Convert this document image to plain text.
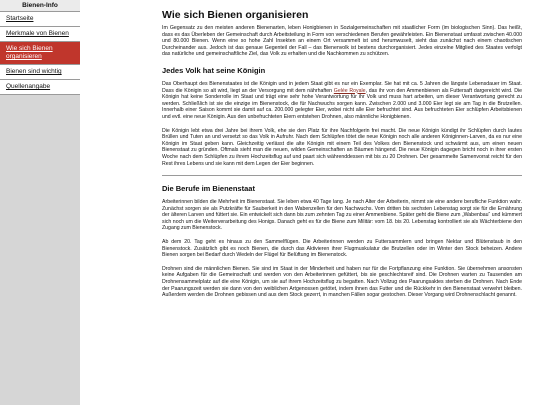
Bienen-Info
Startseite
Merkmale von Bienen
Wie sich Bienen organisieren
Bienen sind wichtig
Quellenangabe
Wie sich Bienen organisieren

Im Gegensatz zu den meisten anderen Bienenarten, leben Honigbienen in Sozialgemeinschaften mit staatlicher Form (im biologischen Sinn). Das heißt, dass es das Überleben der Gemeinschaft durch Arbeitsteilung in Form von verschiedenen Berufen gewährleisten. Ein Bienenstaat umfasst zwischen 40.000 und 80.000 Bienen. Wenn eine so hohe Zahl Insekten an einem Ort versammelt ist und herumwuselt, sieht das zunächst nach einem chaotischen Durcheinander aus. Jedoch ist das genaue Gegenteil der Fall – das Bienenvolk ist bestens durchorganisiert. Jedes einzelne Mitglied des Staates verfolgt das natürliche und gemeinschaftliche Ziel, das Volk zu erhalten und die Nachkommen zu schützen.

Jedes Volk hat seine Königin

Das Oberhaupt des Bienenstaates ist die Königin und in jedem Staat gibt es nur ein Exemplar. Sie hat mit ca. 5 Jahren die längste Lebensdauer im Staat. Dass die Königin so alt wird, liegt an der Versorgung mit dem nährhaften Gelée Royale, das ihr von den Ammenbienen als Futtersaft dargereicht wird. Die Königin hat keine Sonderrolle im Staat und trägt eine sehr hohe Verantwortung für ihr Volk und muss hart arbeiten, um dieser Verantwortung gerecht zu werden. Schließlich ist sie die einzige im Bienenstock, die für Nachwuchs sorgen kann. Zwischen 2.000 und 3.000 Eier legt sie am Tag in die Brutzellen. Innerhalb einer Saison kommt sie damit auf ca. 200.000 gelegter Eier, wobei nicht alle Eier befruchtet sind. Aus befruchteten Eier schlüpfen Arbeitsbienen und evtl. eine neue Königin. Aus den unbefruchteten Eiern entstehen Drohnen, also männliche Honigbienen.

Die Königin lebt etwa drei Jahre bei ihrem Volk, ehe sie den Platz für ihre Nachfolgerin frei macht. Die neue Königin kündigt ihr Schlüpfen durch lautes Brüllen und Tuten an und versetzt so das Volk in Aufruhr. Nach dem Schlüpfen tötet die neue Königin noch alle anderen Königinnen-Larven, da es nur eine Königin im Staat geben kann. Gleichzeitig verlässt die alte Königin mit einem Teil des Volkes den Bienenstock und schwärmt aus, um einen neuen Bienenstaat zu gründen. Oftmals sieht man die neuen, wilden Gemeinschaften an Bäumen hängend. Die neue Königin dagegen bricht noch in ihrer ersten Woche nach dem Schlüpfen zu ihrem Hochzeitsflug auf und paart sich währenddessen mit bis zu 20 Drohnen. Der gesammelte Samenvorrat reicht für den Rest ihres Lebens und sie kann mit dem Legen der Eier beginnen.

Die Berufe im Bienenstaat

Arbeiterinnen bilden die Mehrheit im Bienenstaat. Sie leben etwa 40 Tage lang. Je nach Alter der Arbeiterin, nimmt sie eine andere berufliche Funktion wahr. Zunächst sorgen sie als Putzkräfte für Sauberkeit in den Wabenzellen für den Nachwuchs. Vom dritten bis sechsten Lebenstag sorgt sie für die Ernährung der älteren Larven und füttert sie. Ein entwickelt sich dann bis zum zehnten Tag zu einer Ammenbiene. Später geht die Biene zum „Wabenbau“ und kümmert sich noch um die Weiterverarbeitung des Honigs. Danach geht es für die Biene zum Militär: vom 18. bis 20. Lebenstag kontrolliert sie als Wächterbiene den Zugang zum Bienenstock.

Ab dem 20. Tag geht es hinaus zu den Sammelflügen. Die Arbeiterinnen werden zu Futtersammlern und bringen Nektar und Blütenstaub in den Bienenstock. Zusätzlich gibt es noch Bienen, die durch das Aktivieren ihrer Flugmuskulatur die Brutzellen oder im Winter den Stock beheizen. Andere Bienen sorgen bei Bedarf durch Wedeln der Flügel für Belüftung im Bienenstock.

Drohnen sind die männlichen Bienen. Sie sind im Staat in der Minderheit und haben nur für die Fortpflanzung eine Funktion. Sie übernehmen ansonsten keine Aufgaben für die Gemeinschaft und werden von den Arbeiterinnen gefüttert, bis sie geschlechtsreif sind. Die Drohnen warten zu Tausenden am Drohnensammelplatz auf die eine Königin, um sie auf ihrem Hochzeitsflug zu begatten. Nach Vollzug des Paarungsaktes sterben die Drohnen. Nach Ende der Paarungszeit werden sie dann von den weiblichen Artgenossen getötet, indem ihnen das Futter und die Rückkehr in den Bienenstaat verwehrt bleiben. Außerdem werden die Drohnen gebissen und aus dem Stock gezerrt, in manchen Fällen sogar gestochen. Dieser Vorgang wird Drohnenschlacht genannt.
